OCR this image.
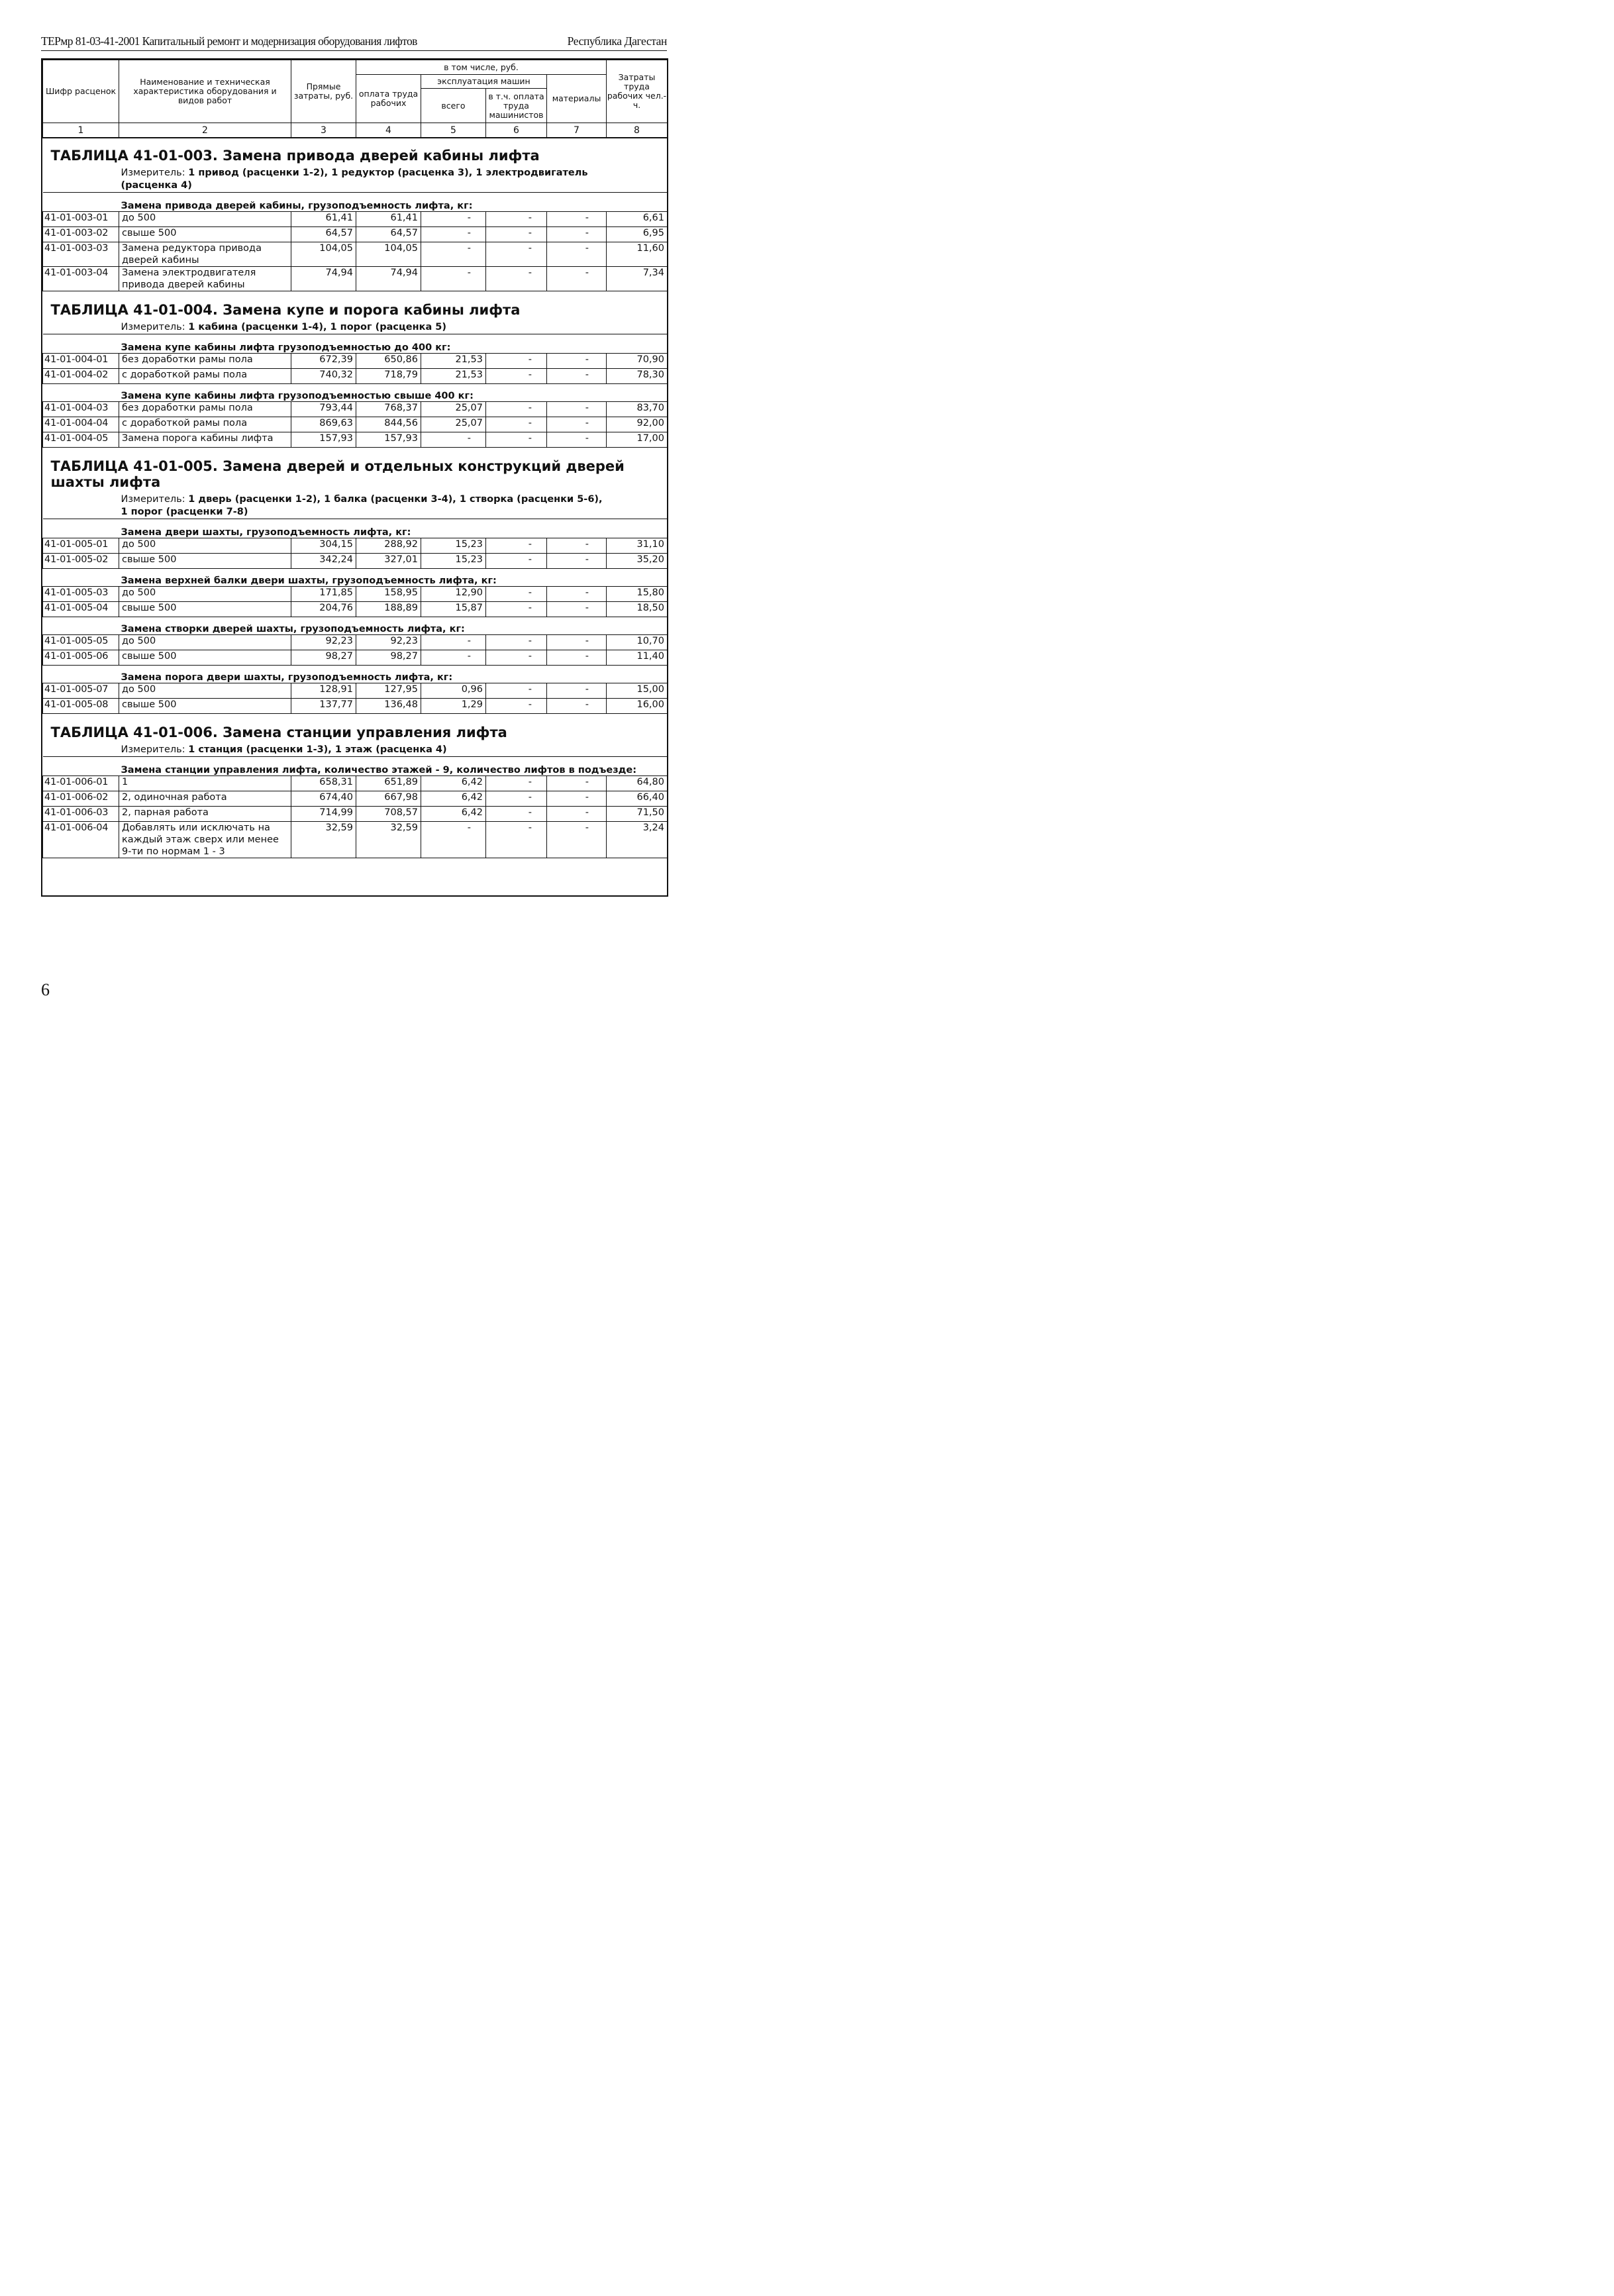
ТЕРмр 81-03-41-2001 Капитальный ремонт и модернизация оборудования лифтов	Республика Дагестан
Шифр расценок	Наименование и техническая характеристика оборудования и видов работ	Прямые затраты, руб.	в том числе, руб.				Затраты труда рабочих чел.-ч.
			оплата труда рабочих	эксплуатация машин		материалы	
				всего	в т.ч. оплата труда машинистов		
1	2	3	4	5	6	7	8

ТАБЛИЦА 41-01-003. Замена привода дверей кабины лифта							
Измеритель: 1 привод (расценки 1-2), 1 редуктор (расценка 3), 1 электродвигатель (расценка 4)							
Замена привода дверей кабины, грузоподъемность лифта, кг:							
41-01-003-01	до 500	61,41	61,41	-	-	-	6,61
41-01-003-02	свыше 500	64,57	64,57	-	-	-	6,95
41-01-003-03	Замена редуктора привода дверей кабины	104,05	104,05	-	-	-	11,60
41-01-003-04	Замена электродвигателя привода дверей кабины	74,94	74,94	-	-	-	7,34

ТАБЛИЦА 41-01-004. Замена купе и порога кабины лифта							
Измеритель: 1 кабина (расценки 1-4), 1 порог (расценка 5)							
Замена купе кабины лифта грузоподъемностью до 400 кг:							
41-01-004-01	без доработки рамы пола	672,39	650,86	21,53	-	-	70,90
41-01-004-02	с доработкой рамы пола	740,32	718,79	21,53	-	-	78,30
Замена купе кабины лифта грузоподъемностью свыше 400 кг:							
41-01-004-03	без доработки рамы пола	793,44	768,37	25,07	-	-	83,70
41-01-004-04	с доработкой рамы пола	869,63	844,56	25,07	-	-	92,00
41-01-004-05	Замена порога кабины лифта	157,93	157,93	-	-	-	17,00

ТАБЛИЦА 41-01-005. Замена дверей и отдельных конструкций дверей шахты лифта							
Измеритель: 1 дверь (расценки 1-2), 1 балка (расценки 3-4), 1 створка (расценки 5-6), 1 порог (расценки 7-8)							
Замена двери шахты, грузоподъемность лифта, кг:							
41-01-005-01	до 500	304,15	288,92	15,23	-	-	31,10
41-01-005-02	свыше 500	342,24	327,01	15,23	-	-	35,20
Замена верхней балки двери шахты, грузоподъемность лифта, кг:							
41-01-005-03	до 500	171,85	158,95	12,90	-	-	15,80
41-01-005-04	свыше 500	204,76	188,89	15,87	-	-	18,50
Замена створки дверей шахты, грузоподъемность лифта, кг:							
41-01-005-05	до 500	92,23	92,23	-	-	-	10,70
41-01-005-06	свыше 500	98,27	98,27	-	-	-	11,40
Замена порога двери шахты, грузоподъемность лифта, кг:							
41-01-005-07	до 500	128,91	127,95	0,96	-	-	15,00
41-01-005-08	свыше 500	137,77	136,48	1,29	-	-	16,00

ТАБЛИЦА 41-01-006. Замена станции управления лифта							
Измеритель: 1 станция (расценки 1-3), 1 этаж (расценка 4)							
Замена станции управления лифта, количество этажей - 9, количество лифтов в подъезде:							
41-01-006-01	1	658,31	651,89	6,42	-	-	64,80
41-01-006-02	2, одиночная работа	674,40	667,98	6,42	-	-	66,40
41-01-006-03	2, парная работа	714,99	708,57	6,42	-	-	71,50
41-01-006-04	Добавлять или исключать на каждый этаж сверх или менее 9-ти по нормам 1 - 3	32,59	32,59	-	-	-	3,24
6
